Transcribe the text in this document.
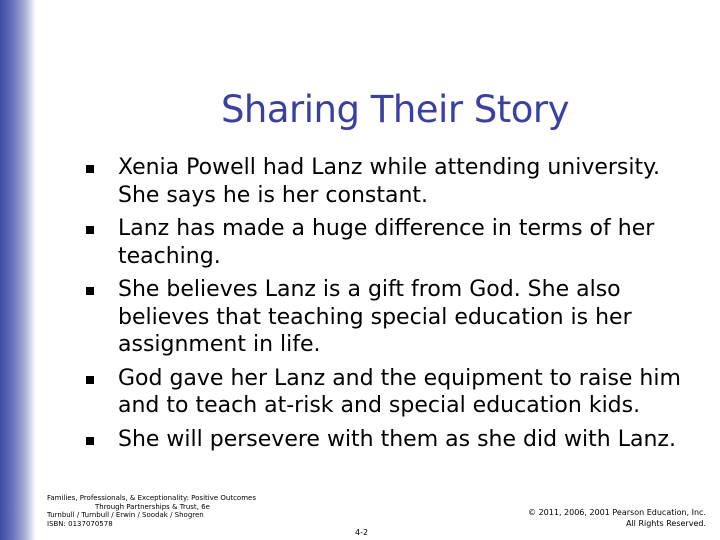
Sharing Their Story
Xenia Powell had Lanz while attending university. She says he is her constant.
Lanz has made a huge difference in terms of her teaching.
She believes Lanz is a gift from God. She also believes that teaching special education is her assignment in life.
God gave her Lanz and the equipment to raise him and to teach at-risk and special education kids.
She will persevere with them as she did with Lanz.
Families, Professionals, & Exceptionality: Positive Outcomes
Through Partnerships & Trust, 6e
Turnbull / Turnbull / Erwin / Soodak / Shogren
ISBN: 0137070578
4-2
© 2011, 2006, 2001 Pearson Education, Inc.
All Rights Reserved.
